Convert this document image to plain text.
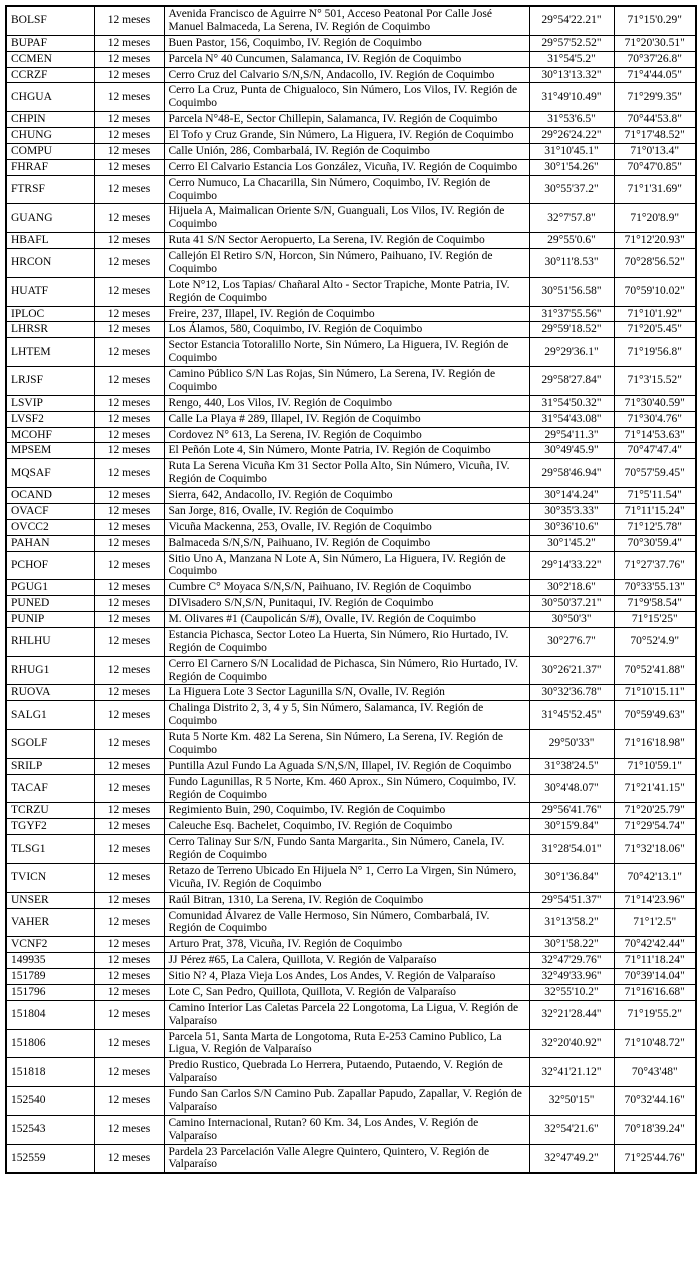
BOLSF	12 meses	Avenida Francisco de Aguirre N° 501, Acceso Peatonal Por Calle José Manuel Balmaceda, La Serena, IV. Región de Coquimbo	29°54'22.21"	71°15'0.29"
BUPAF	12 meses	Buen Pastor, 156, Coquimbo, IV. Región de Coquimbo	29°57'52.52"	71°20'30.51"
CCMEN	12 meses	Parcela N° 40 Cuncumen, Salamanca, IV. Región de Coquimbo	31°54'5.2"	70°37'26.8"
CCRZF	12 meses	Cerro Cruz del Calvario S/N,S/N, Andacollo, IV. Región de Coquimbo	30°13'13.32"	71°4'44.05"
CHGUA	12 meses	Cerro La Cruz, Punta de Chigualoco, Sin Número, Los Vilos, IV. Región de Coquimbo	31°49'10.49"	71°29'9.35"
CHPIN	12 meses	Parcela N°48-E, Sector Chillepin, Salamanca, IV. Región de Coquimbo	31°53'6.5"	70°44'53.8"
CHUNG	12 meses	El Tofo y Cruz Grande, Sin Número, La Higuera, IV. Región de Coquimbo	29°26'24.22"	71°17'48.52"
COMPU	12 meses	Calle Unión, 286, Combarbalá, IV. Región de Coquimbo	31°10'45.1"	71°0'13.4"
FHRAF	12 meses	Cerro El Calvario Estancia Los González, Vicuña, IV. Región de Coquimbo	30°1'54.26"	70°47'0.85"
FTRSF	12 meses	Cerro Numuco, La Chacarilla, Sin Número, Coquimbo, IV. Región de Coquimbo	30°55'37.2"	71°1'31.69"
GUANG	12 meses	Hijuela A, Maimalican Oriente S/N, Guanguali, Los Vilos, IV. Región de Coquimbo	32°7'57.8"	71°20'8.9"
HBAFL	12 meses	Ruta 41 S/N Sector Aeropuerto, La Serena, IV. Región de Coquimbo	29°55'0.6"	71°12'20.93"
HRCON	12 meses	Callejón El Retiro S/N, Horcon, Sin Número, Paihuano, IV. Región de Coquimbo	30°11'8.53"	70°28'56.52"
HUATF	12 meses	Lote N°12, Los Tapias/ Chañaral Alto - Sector Trapiche, Monte Patria, IV. Región de Coquimbo	30°51'56.58"	70°59'10.02"
IPLOC	12 meses	Freire, 237, Illapel, IV. Región de Coquimbo	31°37'55.56"	71°10'1.92"
LHRSR	12 meses	Los Álamos, 580, Coquimbo, IV. Región de Coquimbo	29°59'18.52"	71°20'5.45"
LHTEM	12 meses	Sector Estancia Totoralillo Norte, Sin Número, La Higuera, IV. Región de Coquimbo	29°29'36.1"	71°19'56.8"
LRJSF	12 meses	Camino Público S/N Las Rojas, Sin Número, La Serena, IV. Región de Coquimbo	29°58'27.84"	71°3'15.52"
LSVIP	12 meses	Rengo, 440, Los Vilos, IV. Región de Coquimbo	31°54'50.32"	71°30'40.59"
LVSF2	12 meses	Calle La Playa # 289, Illapel, IV. Región de Coquimbo	31°54'43.08"	71°30'4.76"
MCOHF	12 meses	Cordovez N° 613, La Serena, IV. Región de Coquimbo	29°54'11.3"	71°14'53.63"
MPSEM	12 meses	El Peñón Lote 4, Sin Número, Monte Patria, IV. Región de Coquimbo	30°49'45.9"	70°47'47.4"
MQSAF	12 meses	Ruta La Serena Vicuña Km 31 Sector Polla Alto, Sin Número, Vicuña, IV. Región de Coquimbo	29°58'46.94"	70°57'59.45"
OCAND	12 meses	Sierra, 642, Andacollo, IV. Región de Coquimbo	30°14'4.24"	71°5'11.54"
OVACF	12 meses	San Jorge, 816, Ovalle, IV. Región de Coquimbo	30°35'3.33"	71°11'15.24"
OVCC2	12 meses	Vicuña Mackenna, 253, Ovalle, IV. Región de Coquimbo	30°36'10.6"	71°12'5.78"
PAHAN	12 meses	Balmaceda S/N,S/N, Paihuano, IV. Región de Coquimbo	30°1'45.2"	70°30'59.4"
PCHOF	12 meses	Sitio Uno A, Manzana N Lote A, Sin Número, La Higuera, IV. Región de Coquimbo	29°14'33.22"	71°27'37.76"
PGUG1	12 meses	Cumbre C° Moyaca S/N,S/N, Paihuano, IV. Región de Coquimbo	30°2'18.6"	70°33'55.13"
PUNED	12 meses	DIVisadero S/N,S/N, Punitaqui, IV. Región de Coquimbo	30°50'37.21"	71°9'58.54"
PUNIP	12 meses	M. Olivares #1 (Caupolicán S/#), Ovalle, IV. Región de Coquimbo	30°50'3"	71°15'25"
RHLHU	12 meses	Estancia Pichasca, Sector Loteo La Huerta, Sin Número, Rio Hurtado, IV. Región de Coquimbo	30°27'6.7"	70°52'4.9"
RHUG1	12 meses	Cerro El Carnero S/N Localidad de Pichasca, Sin Número, Rio Hurtado, IV. Región de Coquimbo	30°26'21.37"	70°52'41.88"
RUOVA	12 meses	La Higuera Lote 3 Sector Lagunilla S/N, Ovalle, IV. Región	30°32'36.78"	71°10'15.11"
SALG1	12 meses	Chalinga Distrito 2, 3, 4 y 5, Sin Número, Salamanca, IV. Región de Coquimbo	31°45'52.45"	70°59'49.63"
SGOLF	12 meses	Ruta 5 Norte Km. 482 La Serena, Sin Número, La Serena, IV. Región de Coquimbo	29°50'33"	71°16'18.98"
SRILP	12 meses	Puntilla Azul Fundo La Aguada S/N,S/N, Illapel, IV. Región de Coquimbo	31°38'24.5"	71°10'59.1"
TACAF	12 meses	Fundo Lagunillas, R 5 Norte, Km. 460 Aprox., Sin Número, Coquimbo, IV. Región de Coquimbo	30°4'48.07"	71°21'41.15"
TCRZU	12 meses	Regimiento Buin, 290, Coquimbo, IV. Región de Coquimbo	29°56'41.76"	71°20'25.79"
TGYF2	12 meses	Caleuche Esq. Bachelet, Coquimbo, IV. Región de Coquimbo	30°15'9.84"	71°29'54.74"
TLSG1	12 meses	Cerro Talinay Sur S/N, Fundo Santa Margarita., Sin Número, Canela, IV. Región de Coquimbo	31°28'54.01"	71°32'18.06"
TVICN	12 meses	Retazo de Terreno Ubicado En Hijuela N° 1, Cerro La Virgen, Sin Número, Vicuña, IV. Región de Coquimbo	30°1'36.84"	70°42'13.1"
UNSER	12 meses	Raúl Bitran, 1310, La Serena, IV. Región de Coquimbo	29°54'51.37"	71°14'23.96"
VAHER	12 meses	Comunidad Álvarez de Valle Hermoso, Sin Número, Combarbalá, IV. Región de Coquimbo	31°13'58.2"	71°1'2.5"
VCNF2	12 meses	Arturo Prat, 378, Vicuña, IV. Región de Coquimbo	30°1'58.22"	70°42'42.44"
149935	12 meses	JJ Pérez #65, La Calera, Quillota, V. Región de Valparaíso	32°47'29.76"	71°11'18.24"
151789	12 meses	Sitio N? 4, Plaza Vieja Los Andes, Los Andes, V. Región de Valparaíso	32°49'33.96"	70°39'14.04"
151796	12 meses	Lote C, San Pedro, Quillota, Quillota, V. Región de Valparaíso	32°55'10.2"	71°16'16.68"
151804	12 meses	Camino Interior Las Caletas Parcela 22 Longotoma, La Ligua, V. Región de Valparaíso	32°21'28.44"	71°19'55.2"
151806	12 meses	Parcela 51, Santa Marta de Longotoma, Ruta E-253 Camino Publico, La Ligua, V. Región de Valparaíso	32°20'40.92"	71°10'48.72"
151818	12 meses	Predio Rustico, Quebrada Lo Herrera, Putaendo, Putaendo, V. Región de Valparaíso	32°41'21.12"	70°43'48"
152540	12 meses	Fundo San Carlos S/N Camino Pub. Zapallar Papudo, Zapallar, V. Región de Valparaíso	32°50'15"	70°32'44.16"
152543	12 meses	Camino Internacional, Rutan? 60 Km. 34, Los Andes, V. Región de Valparaíso	32°54'21.6"	70°18'39.24"
152559	12 meses	Pardela 23 Parcelación Valle Alegre Quintero, Quintero, V. Región de Valparaíso	32°47'49.2"	71°25'44.76"
